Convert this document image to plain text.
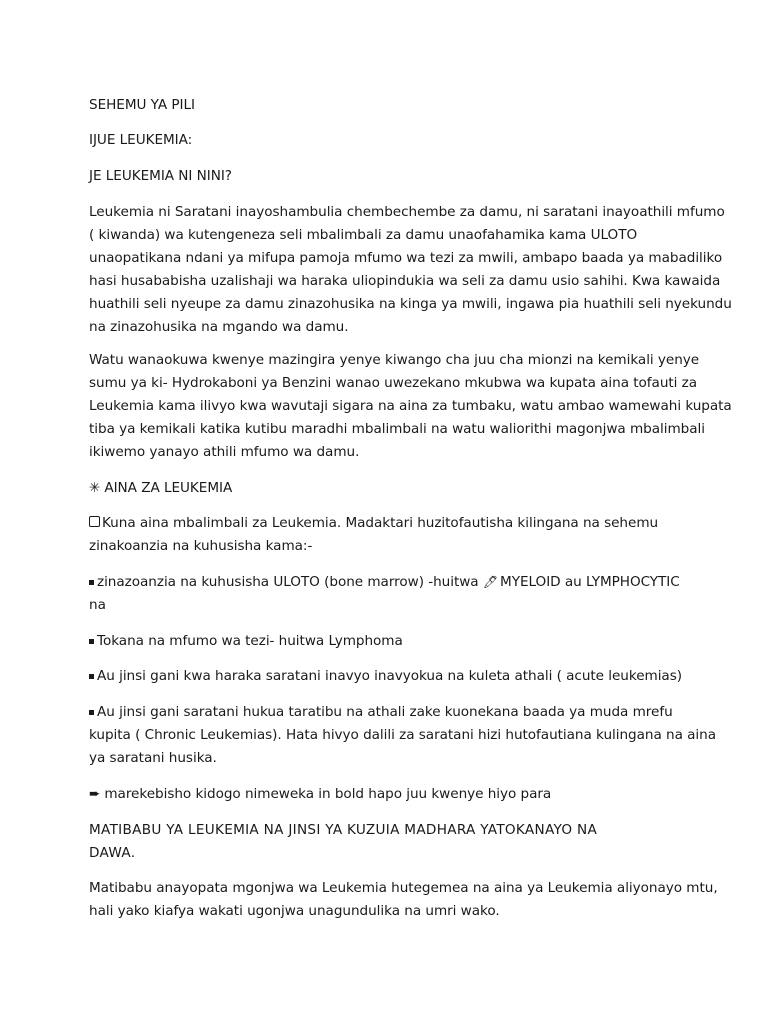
SEHEMU YA PILI

IJUE LEUKEMIA:

JE LEUKEMIA NI NINI?

Leukemia ni Saratani inayoshambulia chembechembe za damu, ni saratani inayoathili mfumo

( kiwanda) wa kutengeneza seli mbalimbali za damu unaofahamika kama ULOTO

unaopatikana ndani ya mifupa pamoja mfumo wa tezi za mwili, ambapo baada ya mabadiliko

hasi husababisha uzalishaji wa haraka uliopindukia wa seli za damu usio sahihi. Kwa kawaida

huathili seli nyeupe za damu zinazohusika na kinga ya mwili, ingawa pia huathili seli nyekundu

na zinazohusika na mgando wa damu.

Watu wanaokuwa kwenye mazingira yenye kiwango cha juu cha mionzi na kemikali yenye

sumu ya ki- Hydrokaboni ya Benzini wanao uwezekano mkubwa wa kupata aina tofauti za

Leukemia kama ilivyo kwa wavutaji sigara na aina za tumbaku, watu ambao wamewahi kupata

tiba ya kemikali katika kutibu maradhi mbalimbali na watu waliorithi magonjwa mbalimbali

ikiwemo yanayo athili mfumo wa damu.

✳ AINA ZA LEUKEMIA

Kuna aina mbalimbali za Leukemia. Madaktari huzitofautisha kilingana na sehemu

zinakoanzia na kuhusisha kama:-

zinazoanzia na kuhusisha ULOTO (bone marrow) -huitwa 🖊 MYELOID au LYMPHOCYTIC

na

Tokana na mfumo wa tezi- huitwa Lymphoma

Au jinsi gani kwa haraka saratani inavyo inavyokua na kuleta athali ( acute leukemias)

Au jinsi gani saratani hukua taratibu na athali zake kuonekana baada ya muda mrefu

kupita ( Chronic Leukemias). Hata hivyo dalili za saratani hizi hutofautiana kulingana na aina

ya saratani husika.

➨ marekebisho kidogo nimeweka in bold hapo juu kwenye hiyo para

MATIBABU YA LEUKEMIA NA JINSI YA KUZUIA MADHARA YATOKANAYO NA

DAWA.

Matibabu anayopata mgonjwa wa Leukemia hutegemea na aina ya Leukemia aliyonayo mtu,

hali yako kiafya wakati ugonjwa unagundulika na umri wako.
